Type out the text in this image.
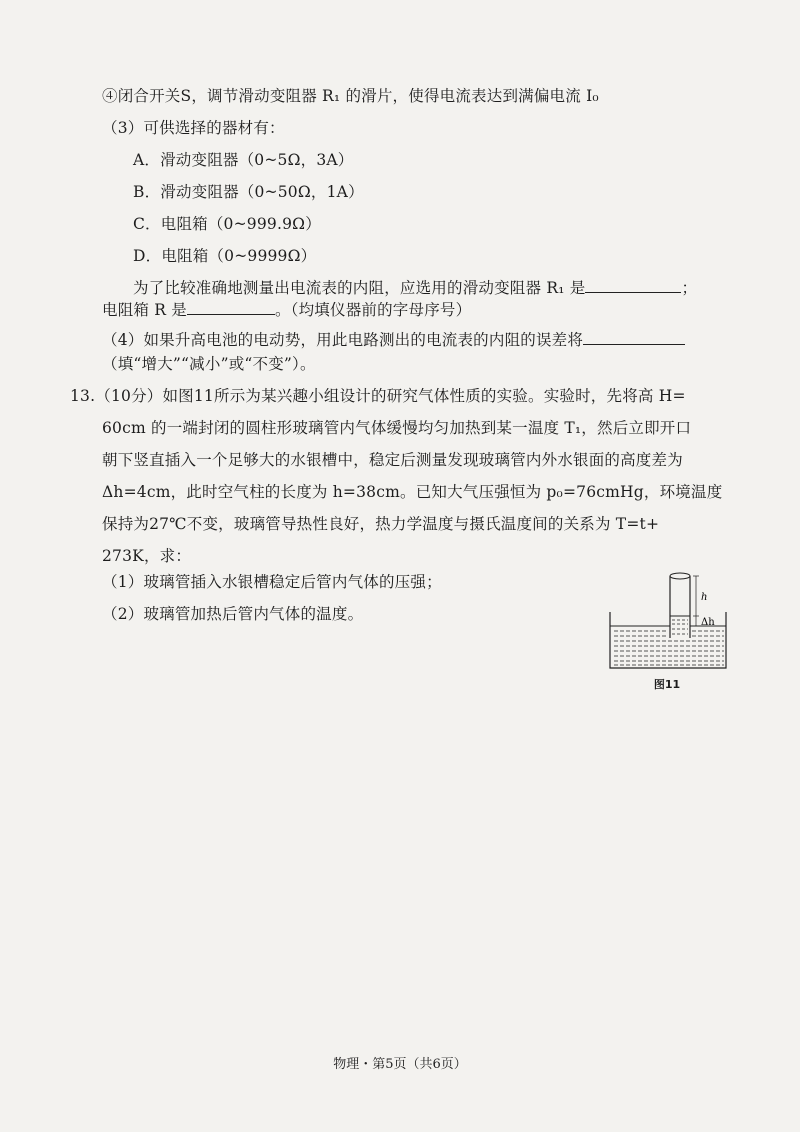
④闭合开关S，调节滑动变阻器 R₁ 的滑片，使得电流表达到满偏电流 I₀
（3）可供选择的器材有：
A．滑动变阻器（0~5Ω，3A）
B．滑动变阻器（0~50Ω，1A）
C．电阻箱（0~999.9Ω）
D．电阻箱（0~9999Ω）
为了比较准确地测量出电流表的内阻，应选用的滑动变阻器 R₁ 是	；
电阻箱 R 是	。（均填仪器前的字母序号）
（4）如果升高电池的电动势，用此电路测出的电流表的内阻的误差将
（填“增大”“减小”或“不变”）。
13.（10分）如图11所示为某兴趣小组设计的研究气体性质的实验。实验时，先将高 H=
60cm 的一端封闭的圆柱形玻璃管内气体缓慢均匀加热到某一温度 T₁，然后立即开口
朝下竖直插入一个足够大的水银槽中，稳定后测量发现玻璃管内外水银面的高度差为
Δh=4cm，此时空气柱的长度为 h=38cm。已知大气压强恒为 p₀=76cmHg，环境温度
保持为27℃不变，玻璃管导热性良好，热力学温度与摄氏温度间的关系为 T=t+
273K，求：
（1）玻璃管插入水银槽稳定后管内气体的压强；
（2）玻璃管加热后管内气体的温度。
h
Δh
图11
物理・第5页（共6页）
